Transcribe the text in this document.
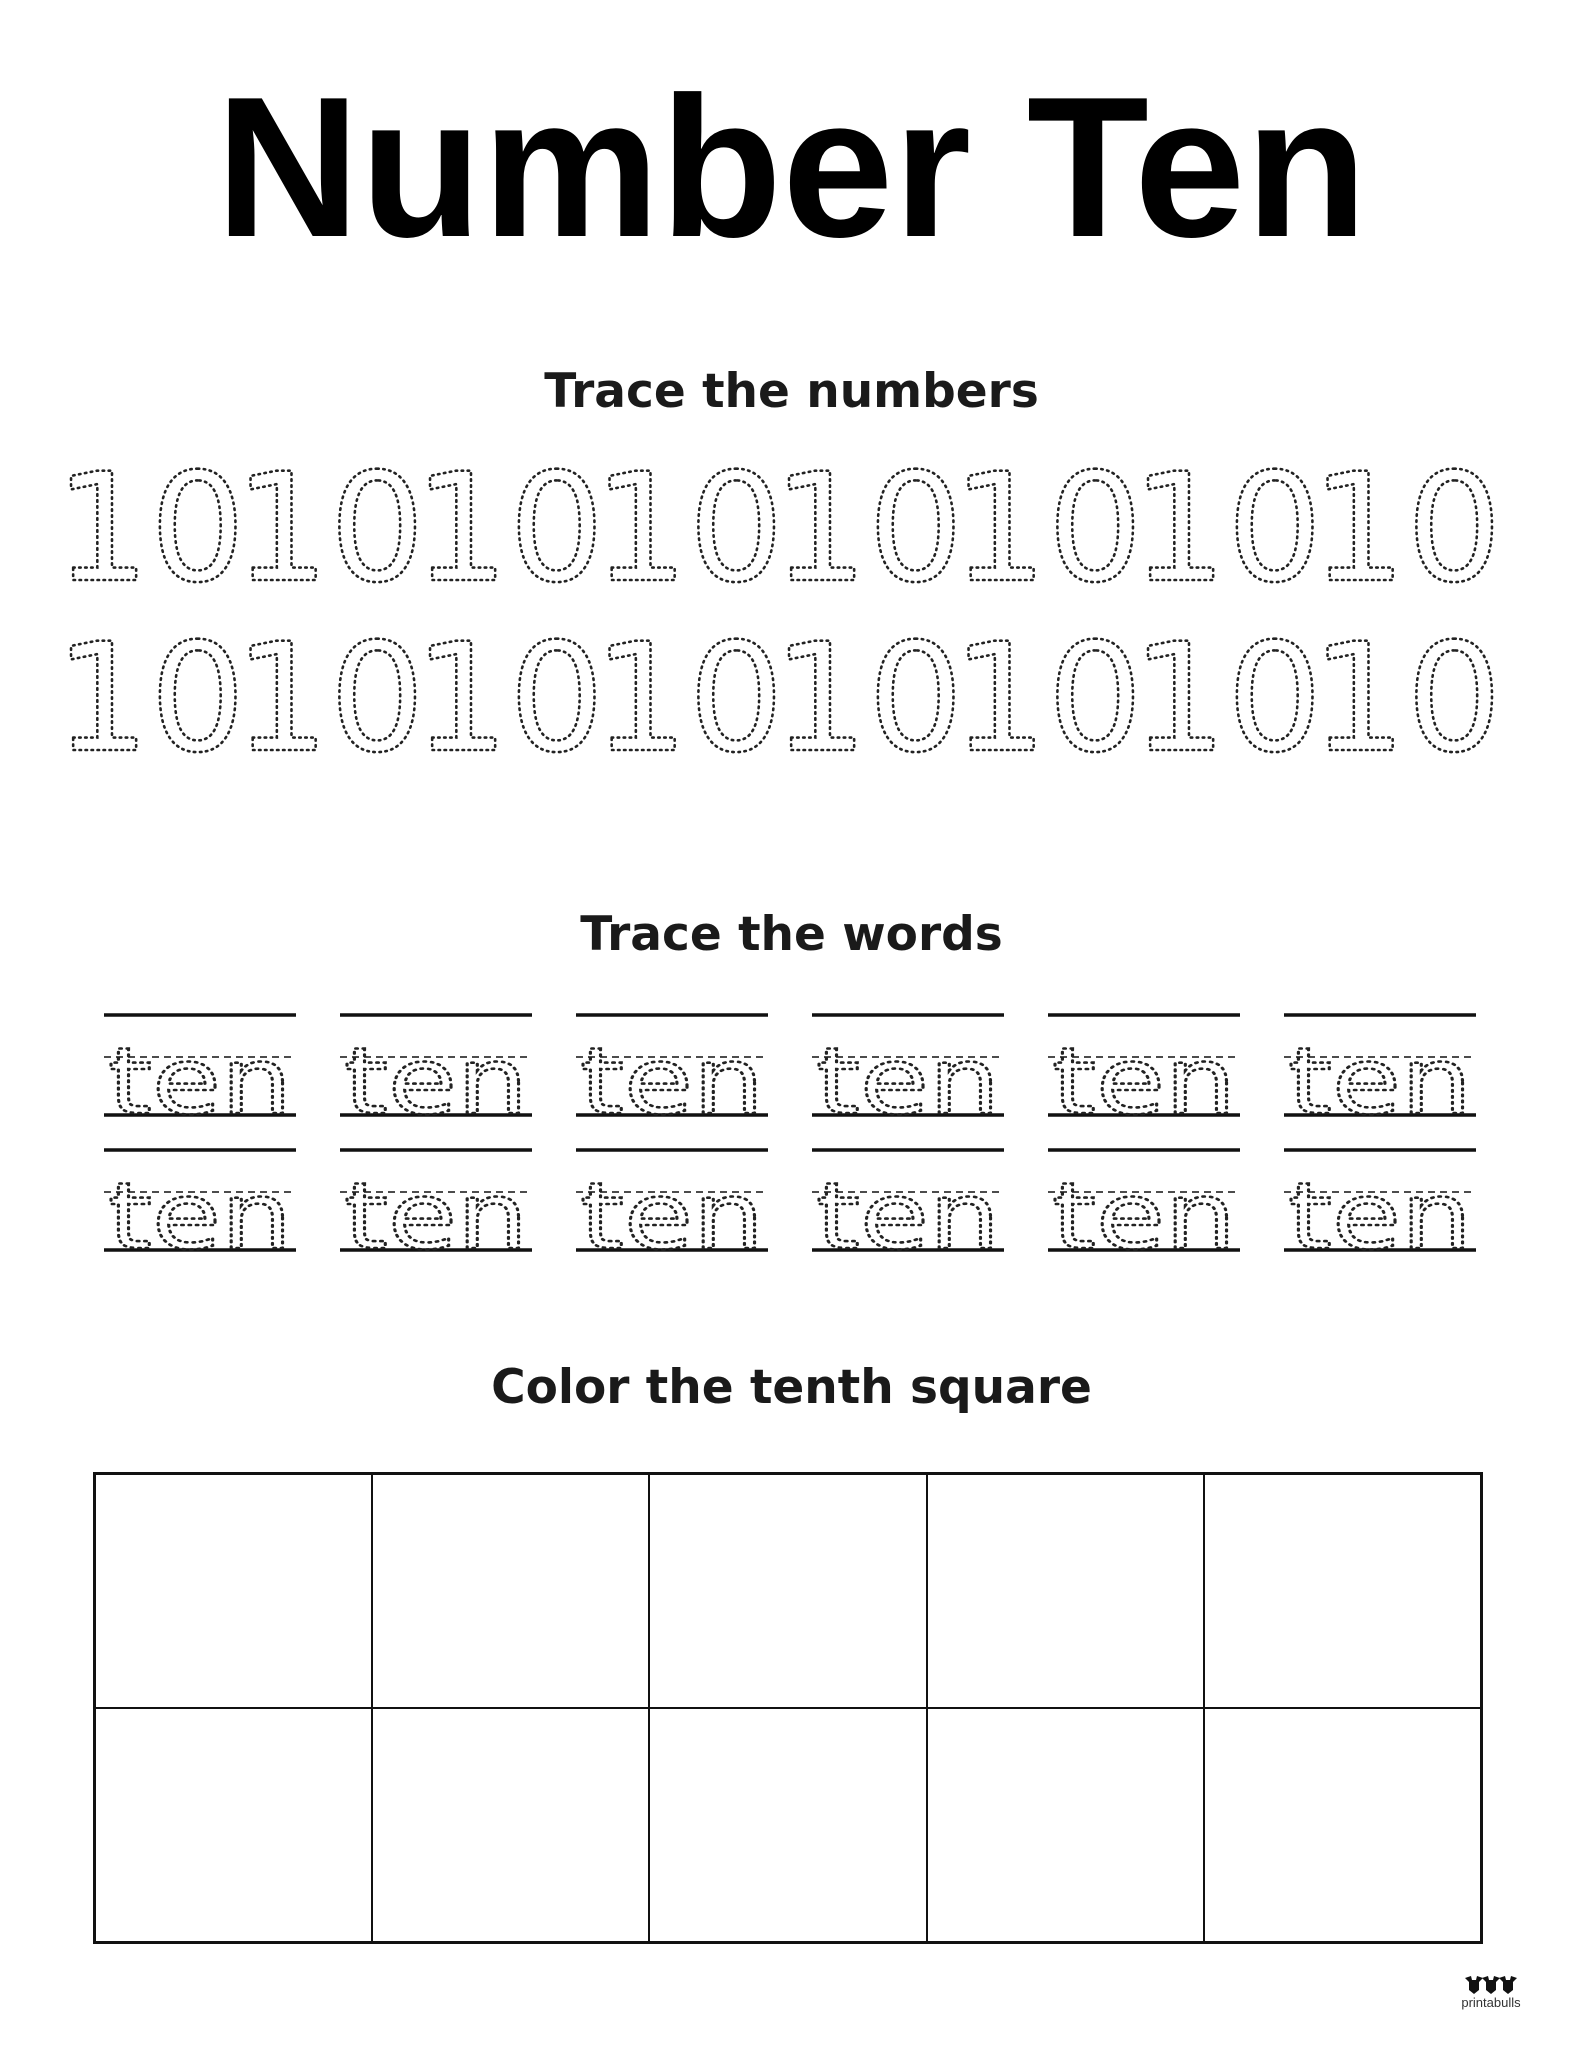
Number Ten
Trace the numbers
10
10
10
10
10
10
10
10
10
10
10
10
10
10
10
10
Trace the words
ten ten ten ten ten ten
ten ten ten ten ten ten
Color the tenth square
printabulls
